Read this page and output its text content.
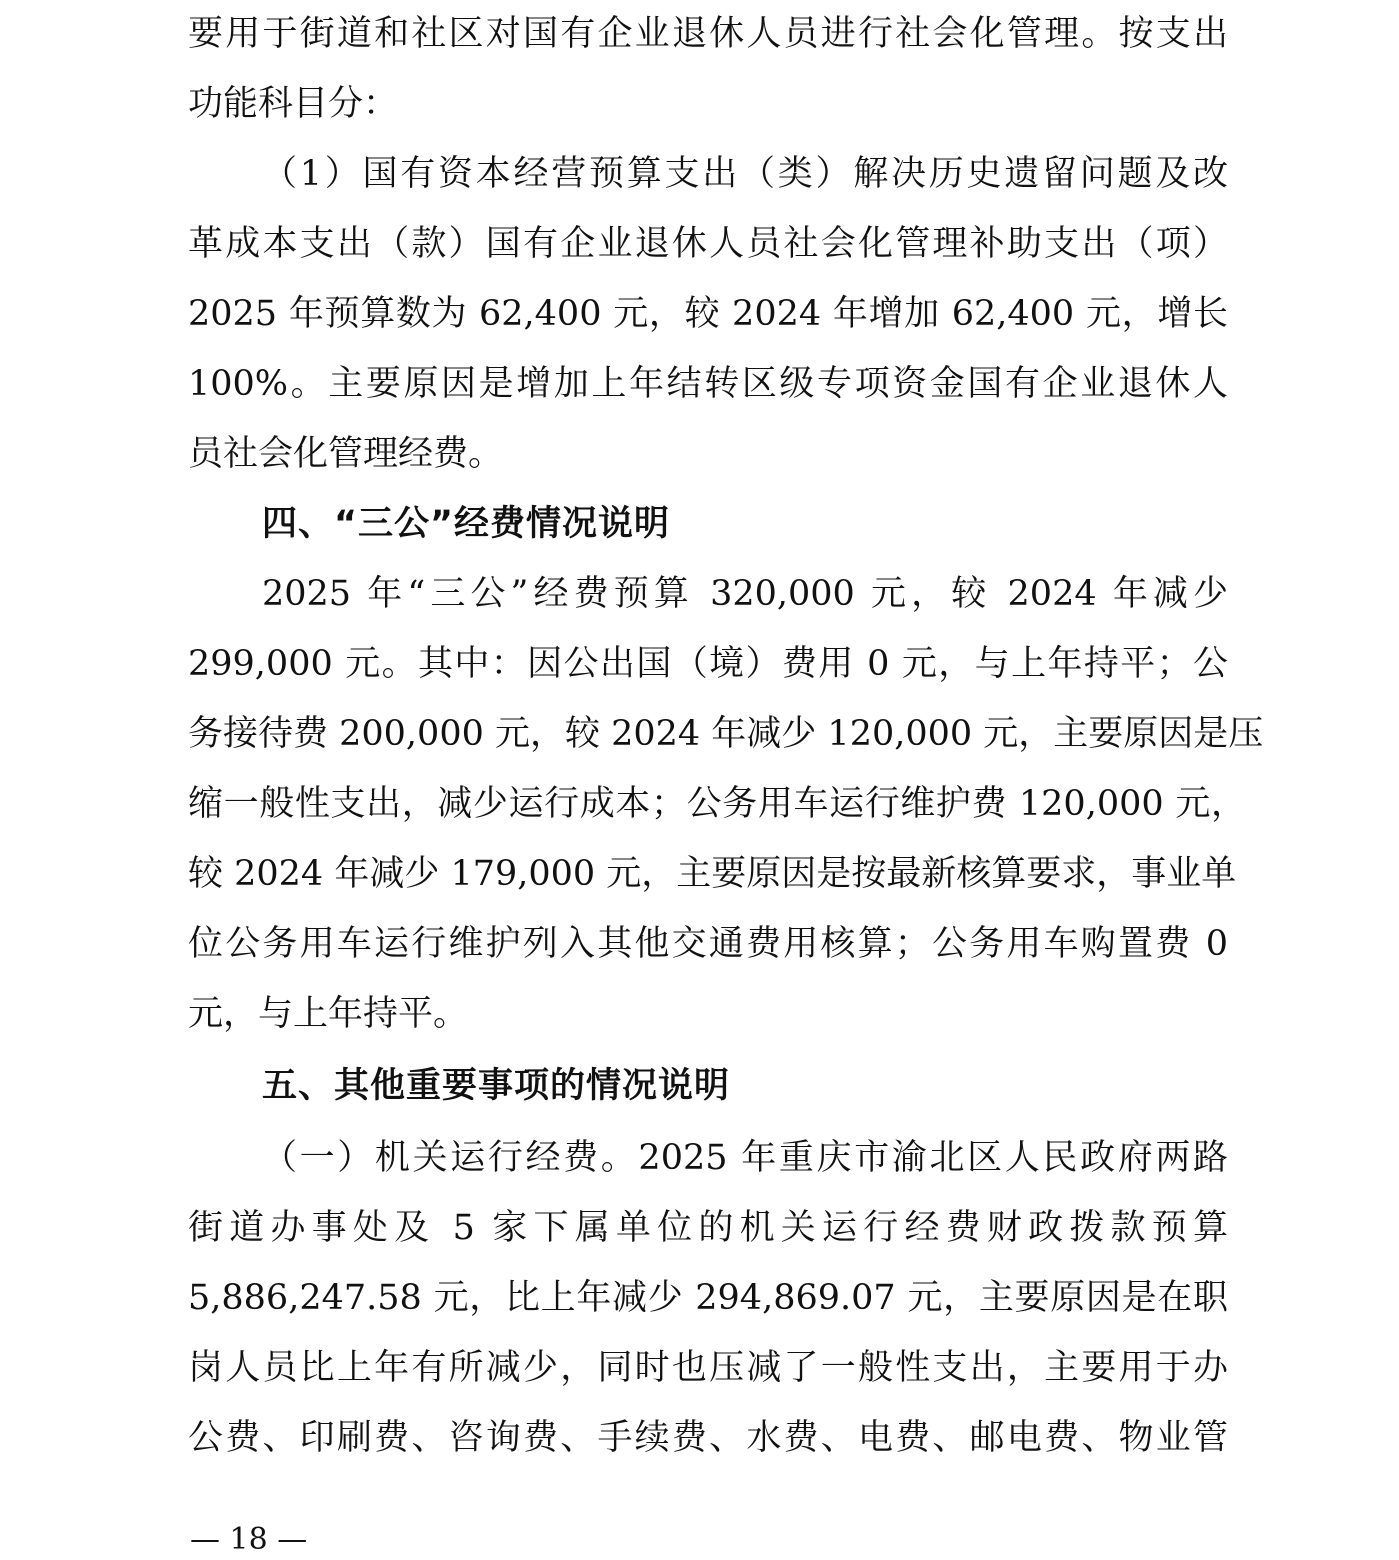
要用于街道和社区对国有企业退休人员进行社会化管理。按支出
功能科目分：
（1）国有资本经营预算支出（类）解决历史遗留问题及改
革成本支出（款）国有企业退休人员社会化管理补助支出（项）
2025 年预算数为 62,400 元，较 2024 年增加 62,400 元，增长
100%。主要原因是增加上年结转区级专项资金国有企业退休人
员社会化管理经费。
四、“三公”经费情况说明
2025 年“三公”经费预算 320,000 元，较 2024 年减少
299,000 元。其中：因公出国（境）费用 0 元，与上年持平；公
务接待费 200,000 元，较 2024 年减少 120,000 元，主要原因是压
缩一般性支出，减少运行成本；公务用车运行维护费 120,000 元，
较 2024 年减少 179,000 元，主要原因是按最新核算要求，事业单
位公务用车运行维护列入其他交通费用核算；公务用车购置费 0
元，与上年持平。
五、其他重要事项的情况说明
（一）机关运行经费。2025 年重庆市渝北区人民政府两路
街道办事处及 5 家下属单位的机关运行经费财政拨款预算
5,886,247.58 元，比上年减少 294,869.07 元，主要原因是在职
岗人员比上年有所减少，同时也压减了一般性支出，主要用于办
公费、印刷费、咨询费、手续费、水费、电费、邮电费、物业管
— 18 —
